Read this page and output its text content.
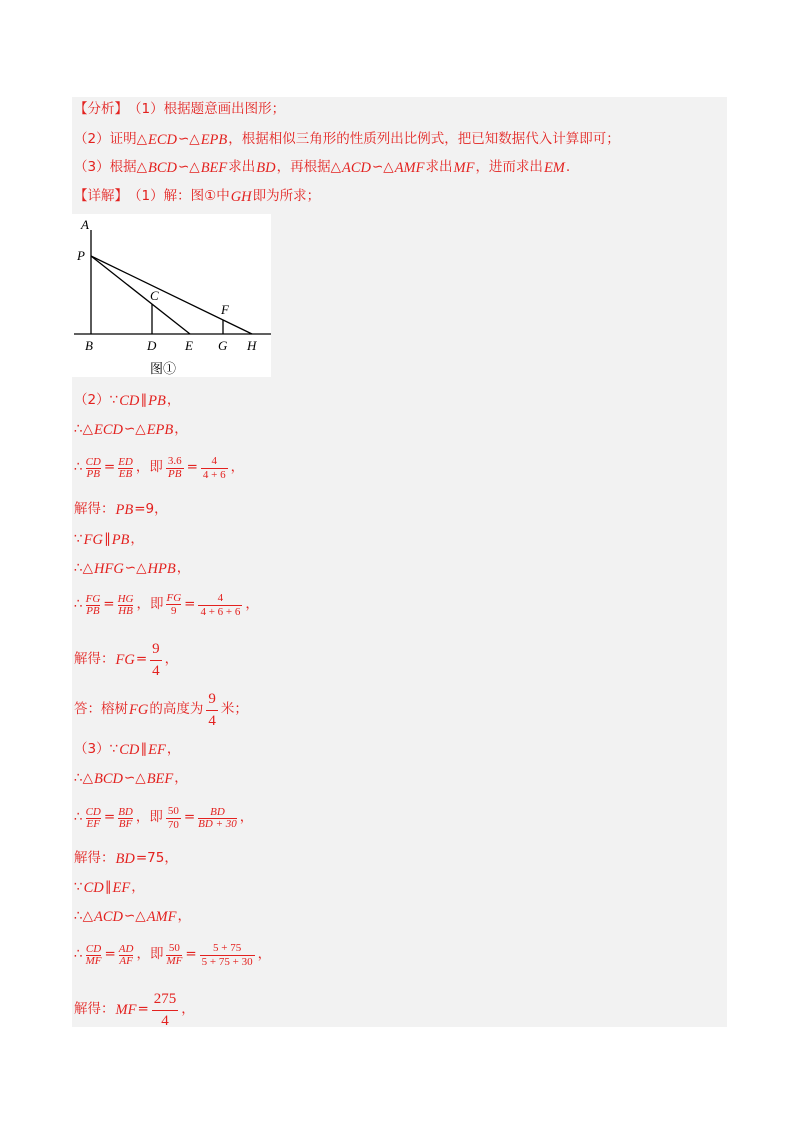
A
P
C
F
B	D E G H
图①
【分析】 （1）根据题意画出图形；
（2）证明△ ECD ∽△ EPB ，根据相似三角形的性质列出比例式，把已知数据代入计算即可；
（3）根据△ BCD ∽△ BEF 求出 BD ，再根据△ ACD ∽△ AMF 求出 MF ，进而求出 EM .
【详解】 （1）解：图①中 GH 即为所求；
（2）∵ CD ∥ PB ，
∴△ ECD ∽△ EPB ，
∴ $\frac{CD}{PB} = \frac{ED}{EB}$ ，即 $\frac{3.6}{PB} = \frac{4}{4 + 6}$ ，
解得： PB =9，
∵ FG ∥ PB ，
∴△ HFG ∽△ HPB ，
∴ $\frac{FG}{PB} = \frac{HG}{HB}$ ，即 $\frac{FG}{9} = \frac{4}{4 + 6 + 6}$ ，
解得： FG = $\frac{9}{4}$ ，
答：榕树 FG 的高度为 $\frac{9}{4}$ 米；
（3）∵ CD ∥ EF ，
∴△ BCD ∽△ BEF ，
∴ $\frac{CD}{EF} = \frac{BD}{BF}$ ，即 $\frac{50}{70} = \frac{BD}{BD + 30}$ ，
解得： BD =75，
∵ CD ∥ EF ，
∴△ ACD ∽△ AMF ，
∴ $\frac{CD}{MF} = \frac{AD}{AF}$ ，即 $\frac{50}{MF} = \frac{5 + 75}{5 + 75 + 30}$ ，
解得： MF = $\frac{275}{4}$ ，
